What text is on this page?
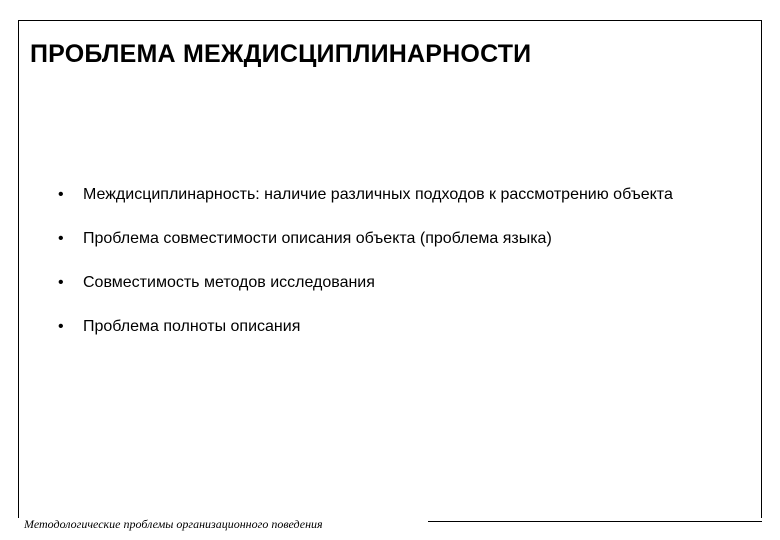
ПРОБЛЕМА МЕЖДИСЦИПЛИНАРНОСТИ
•	Междисциплинарность: наличие различных подходов к рассмотрению объекта
•	Проблема совместимости описания объекта (проблема языка)
•	Совместимость методов исследования
•	Проблема полноты описания
Методологические проблемы организационного поведения
